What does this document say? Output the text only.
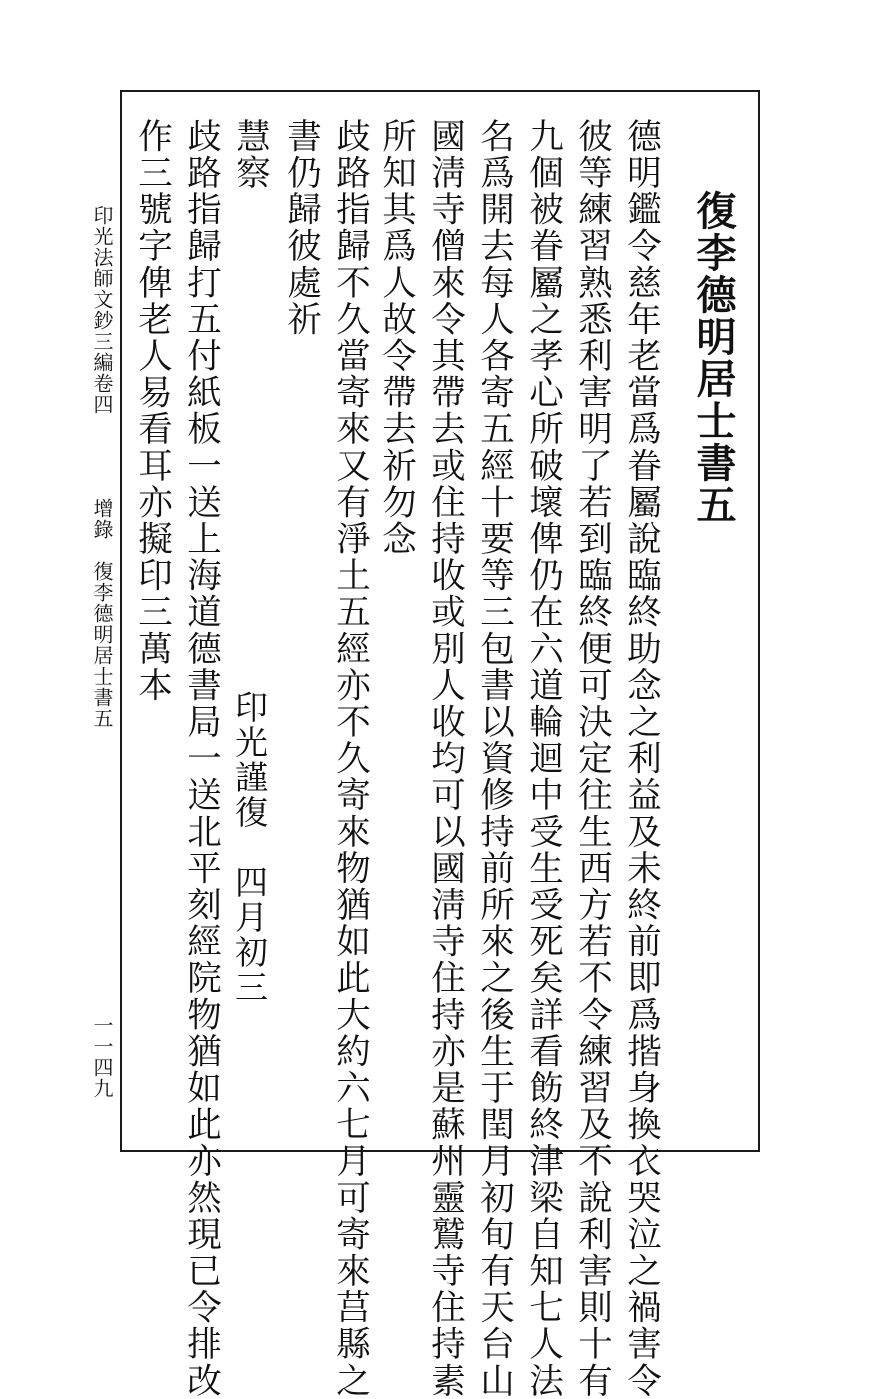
復李德明居士書五
德明鑑令慈年老當爲眷屬說臨終助念之利益及未終前即爲揩身換衣哭泣之禍害令
彼等練習熟悉利害明了若到臨終便可決定往生西方若不令練習及不說利害則十有
九個被眷屬之孝心所破壞俾仍在六道輪迴中受生受死矣詳看飭終津梁自知七人法
名爲開去每人各寄五經十要等三包書以資修持前所來之後生于閏月初旬有天台山
國淸寺僧來令其帶去或住持收或別人收均可以國淸寺住持亦是蘇州靈鷲寺住持素
所知其爲人故令帶去祈勿念
歧路指歸不久當寄來又有淨土五經亦不久寄來物猶如此大約六七月可寄來莒縣之
書仍歸彼處祈
慧察
歧路指歸打五付紙板一送上海道德書局一送北平刻經院物猶如此亦然現已令排改
作三號字俾老人易看耳亦擬印三萬本
印光謹復　四月初三
印光法師文鈔三編卷四
增錄　復李德明居士書五
一一四九
